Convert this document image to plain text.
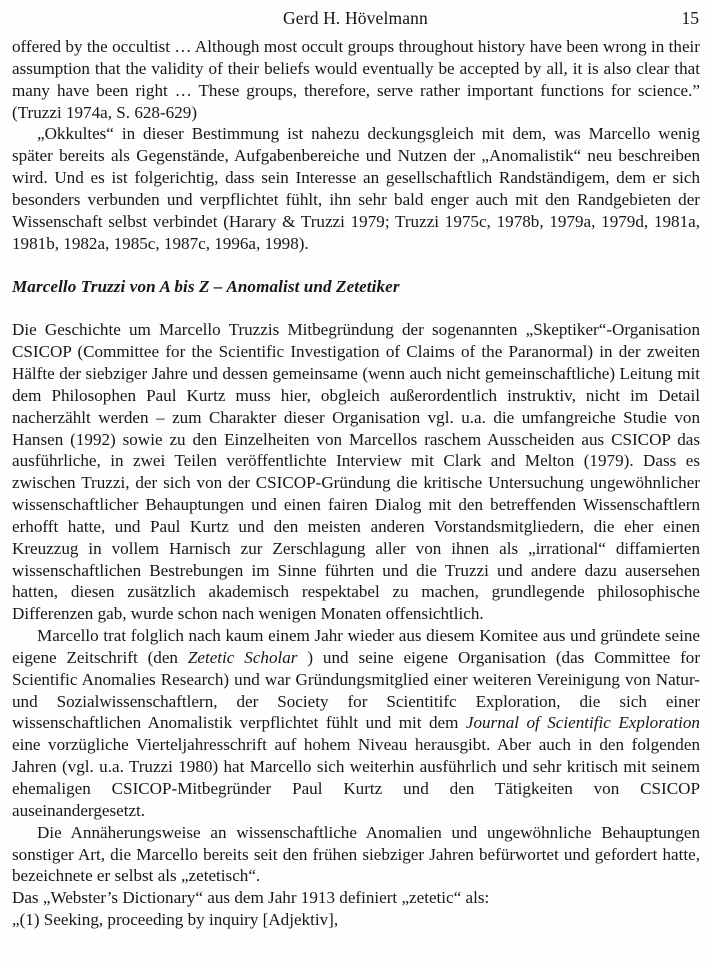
Gerd H. Hövelmann	15

offered by the occultist … Although most occult groups throughout history have been wrong in their assumption that the validity of their beliefs would eventually be accepted by all, it is also clear that many have been right … These groups, therefore, serve rather important functions for science.” (Truzzi 1974a, S. 628-629)

„Okkultes“ in dieser Bestimmung ist nahezu deckungsgleich mit dem, was Marcello wenig später bereits als Gegenstände, Aufgabenbereiche und Nutzen der „Anomalistik“ neu beschreiben wird. Und es ist folgerichtig, dass sein Interesse an gesellschaftlich Randständigem, dem er sich besonders verbunden und verpflichtet fühlt, ihn sehr bald enger auch mit den Randgebieten der Wissenschaft selbst verbindet (Harary & Truzzi 1979; Truzzi 1975c, 1978b, 1979a, 1979d, 1981a, 1981b, 1982a, 1985c, 1987c, 1996a, 1998).

Marcello Truzzi von A bis Z – Anomalist und Zetetiker

Die Geschichte um Marcello Truzzis Mitbegründung der sogenannten „Skeptiker“-Organisation CSICOP (Committee for the Scientific Investigation of Claims of the Paranormal) in der zweiten Hälfte der siebziger Jahre und dessen gemeinsame (wenn auch nicht gemeinschaftliche) Leitung mit dem Philosophen Paul Kurtz muss hier, obgleich außerordentlich instruktiv, nicht im Detail nacherzählt werden – zum Charakter dieser Organisation vgl. u.a. die umfangreiche Studie von Hansen (1992) sowie zu den Einzelheiten von Marcellos raschem Ausscheiden aus CSICOP das ausführliche, in zwei Teilen veröffentlichte Interview mit Clark and Melton (1979). Dass es zwischen Truzzi, der sich von der CSICOP-Gründung die kritische Untersuchung ungewöhnlicher wissenschaftlicher Behauptungen und einen fairen Dialog mit den betreffenden Wissenschaftlern erhofft hatte, und Paul Kurtz und den meisten anderen Vorstandsmitgliedern, die eher einen Kreuzzug in vollem Harnisch zur Zerschlagung aller von ihnen als „irrational“ diffamierten wissenschaftlichen Bestrebungen im Sinne führten und die Truzzi und andere dazu ausersehen hatten, diesen zusätzlich akademisch respektabel zu machen, grundlegende philosophische Differenzen gab, wurde schon nach wenigen Monaten offensichtlich.

Marcello trat folglich nach kaum einem Jahr wieder aus diesem Komitee aus und gründete seine eigene Zeitschrift (den Zetetic Scholar ) und seine eigene Organisation (das Committee for Scientific Anomalies Research) und war Gründungsmitglied einer weiteren Vereinigung von Natur- und Sozialwissenschaftlern, der Society for Scientitifc Exploration, die sich einer wissenschaftlichen Anomalistik verpflichtet fühlt und mit dem Journal of Scientific Exploration eine vorzügliche Vierteljahresschrift auf hohem Niveau herausgibt. Aber auch in den folgenden Jahren (vgl. u.a. Truzzi 1980) hat Marcello sich weiterhin ausführlich und sehr kritisch mit seinem ehemaligen CSICOP-Mitbegründer Paul Kurtz und den Tätigkeiten von CSICOP auseinandergesetzt.

Die Annäherungsweise an wissenschaftliche Anomalien und ungewöhnliche Behauptungen sonstiger Art, die Marcello bereits seit den frühen siebziger Jahren befürwortet und gefordert hatte, bezeichnete er selbst als „zetetisch“.

Das „Webster’s Dictionary“ aus dem Jahr 1913 definiert „zetetic“ als:

„(1) Seeking, proceeding by inquiry [Adjektiv],
